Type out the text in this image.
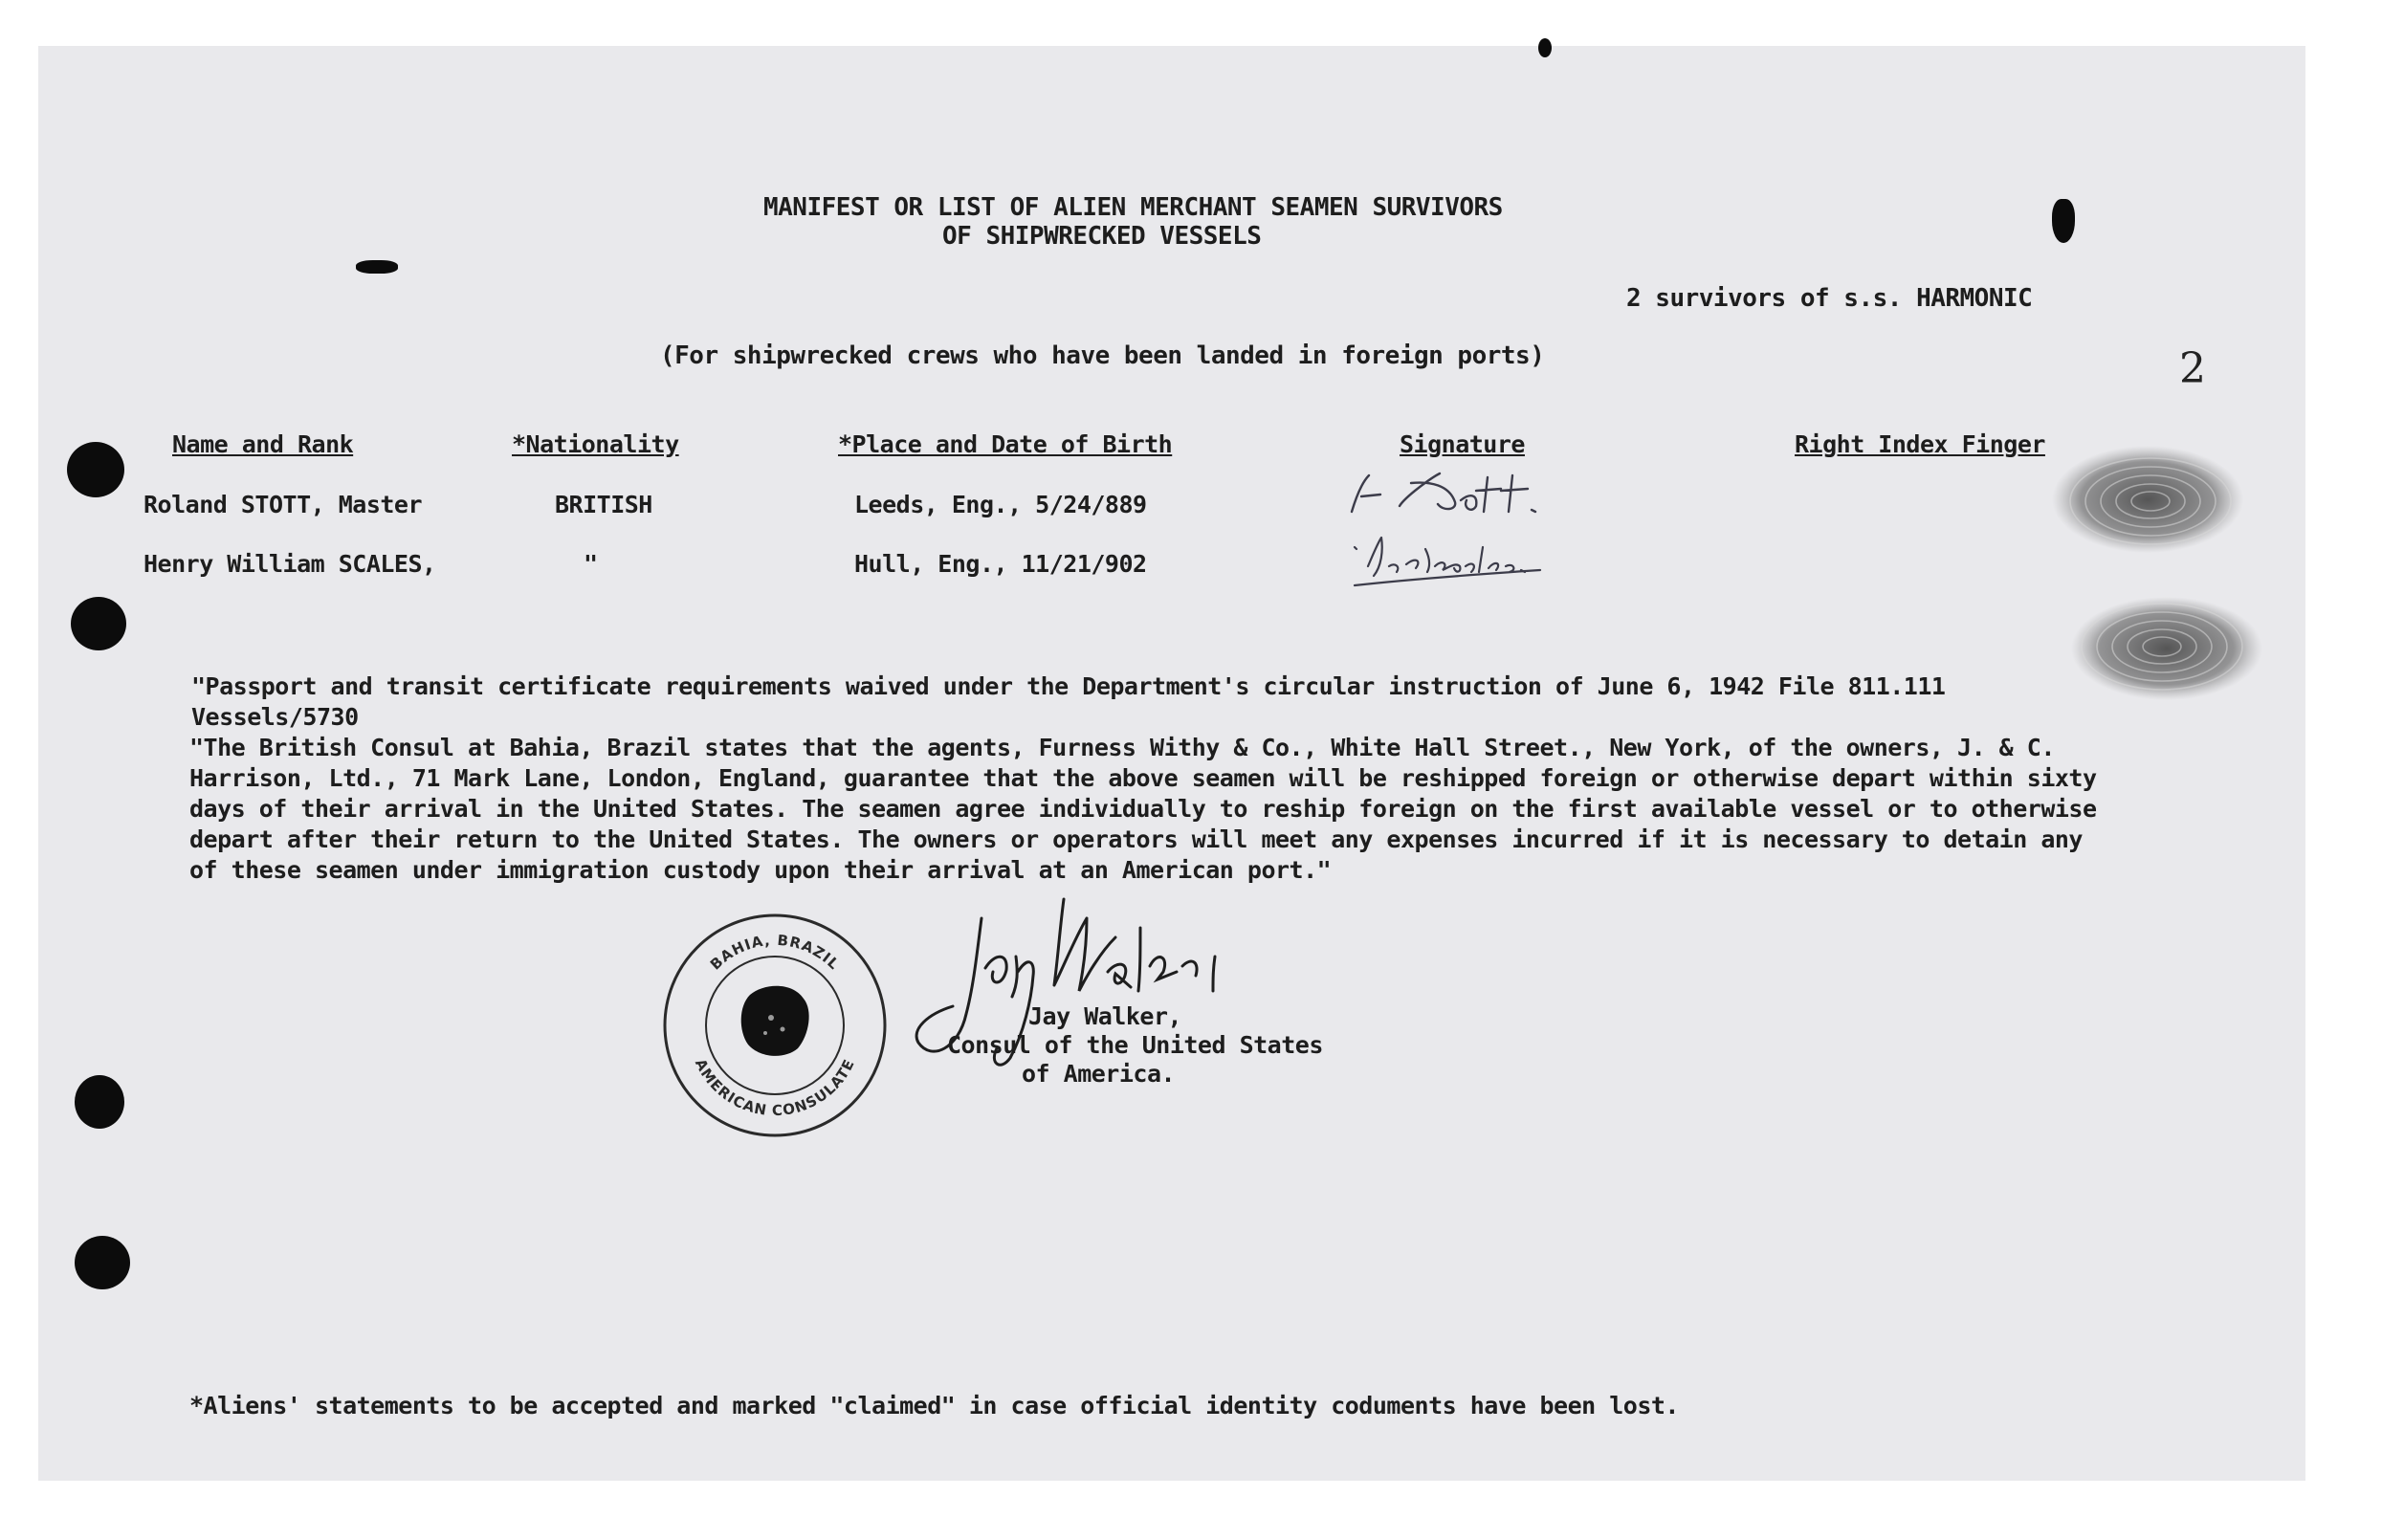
MANIFEST OR LIST OF ALIEN MERCHANT SEAMEN SURVIVORS

OF SHIPWRECKED VESSELS

2 survivors of s.s. HARMONIC

(For shipwrecked crews who have been landed in foreign ports)	2

Name and Rank	*Nationality	*Place and Date of Birth	Signature	Right Index Finger

Roland STOTT, Master	BRITISH	Leeds, Eng., 5/24/889

Henry William SCALES,	"	Hull, Eng., 11/21/902

"Passport and transit certificate requirements waived under the Department's circular instruction of June 6, 1942 File 811.111 Vessels/5730

"The British Consul at Bahia, Brazil states that the agents, Furness Withy & Co., White Hall Street., New York, of the owners, J. & C. Harrison, Ltd., 71 Mark Lane, London, England, guarantee that the above seamen will be reshipped foreign or otherwise depart within sixty days of their arrival in the United States. The seamen agree individually to reship foreign on the first available vessel or to otherwise depart after their return to the United States. The owners or operators will meet any expenses incurred if it is necessary to detain any of these seamen under immigration custody upon their arrival at an American port."

BAHIA, BRAZIL
AMERICAN CONSULATE

Jay Walker,

Consul of the United States

of America.

*Aliens' statements to be accepted and marked "claimed" in case official identity coduments have been lost.
